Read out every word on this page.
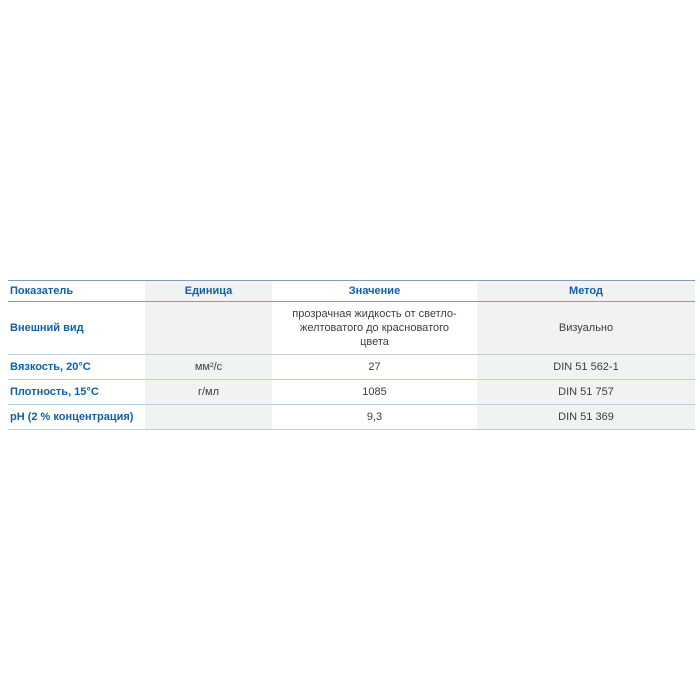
Показатель	Единица	Значение	Метод
Внешний вид		прозрачная жидкость от светло-желтоватого до красноватого цвета	Визуально
Вязкость, 20°C	мм²/с	27	DIN 51 562-1
Плотность, 15°C	г/мл	1085	DIN 51 757
pH (2 % концентрация)		9,3	DIN 51 369
